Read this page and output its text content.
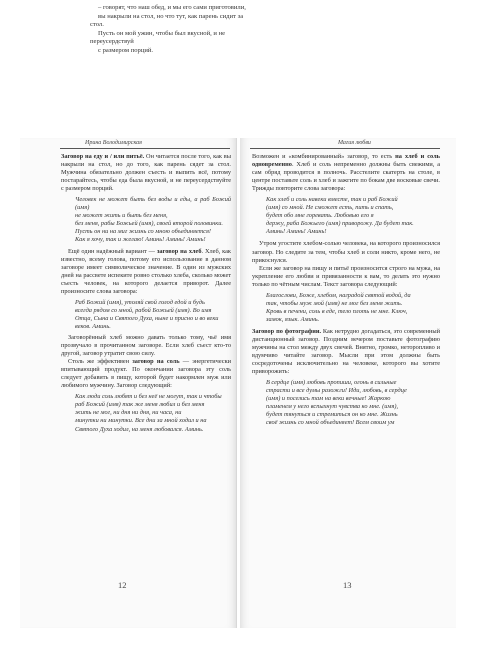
– говорят, что наш обед, и мы его сами приготовили,

вы накрыли на стол, но что тут, как парень сидит за стол.

Пусть он мой ужин, чтобы был вкусной, и не переусердствуй

с размером порций.

Ирина Володимирская	Магия любви

Заговор на еду и / или питьё. Он читается после того, как вы накрыли на стол, но до того, как парень сядет за стол. Мужчина обязательно должен съесть и выпить всё, потому постарайтесь, чтобы еда была вкусной, и не переусердствуйте с размером порций.

Человек не может быть без воды и еды, а раб Божий (имя)
не может жить и быть без меня,
без меня, рабы Божьей (имя), своей второй половинки.
Пусть он ни на миг жизнь со мною объединяется!
Как я хочу, так и желаю! Аминь! Аминь! Аминь!

Ещё один надёжный вариант — заговор на хлеб. Хлеб, как известно, всему голова, потому его использование в данном заговоре имеет символическое значение. В один из мужских дней на рассвете испеките ровно столько хлеба, сколько может съесть человек, на которого делается приворот. Далее произносите слова заговора:

Раб Божий (имя), утоляй свой голод едой и будь
всегда рядом со мной, рабой Божьей (имя). Во имя
Отца, Сына и Святого Духа, ныне и присно и во веки
веков. Аминь.

Заговорённый хлеб можно давать только тому, чьё имя прозвучало в прочитанном заговоре. Если хлеб съест кто-то другой, заговор утратит свою силу.

Столь же эффективен заговор на соль — энергетически впитывающий продукт. По окончании заговора эту соль следует добавить в пищу, которой будет накормлен муж или любимого мужчину. Заговор следующий:

Как люди соль любят и без неё не могут, так и чтобы
раб Божий (имя) так же меня любил и без меня
жить не мог, ни дня ни дня, ни часа, ни
минутки ни минутки. Все дни за мной ходил и на
Святого Духа ходил, на меня любовался. Аминь.

Возможен и «комбинированный» заговор, то есть на хлеб и соль одновременно. Хлеб и соль непременно должны быть свежими, а сам обряд проводится в полночь. Расстелите скатерть на столе, в центре поставьте соль и хлеб и зажгите по бокам две восковые свечи. Трижды повторите слова заговора:

Как хлеб и соль навеки вместе, так и раб Божий
(имя) со мной. Не сможет есть, пить и спать,
будет обо мне горевать. Любовью его я
держу, раба Божьего (имя) приворожу. Да будет так.
Аминь! Аминь! Аминь!

Утром угостите хлебом-солью человека, на которого произносился заговор. Но следите за тем, чтобы хлеб и соли никто, кроме него, не прикоснулся.

Если же заговор на пищу и питьё произносится строго на мужа, на укрепление его любви и привязанности к вам, то делать это нужно только по чётным числам. Текст заговора следующий:

Благослови, Боже, хлебом, наградой святой водой, да
так, чтобы муж мой (имя) не мог без меня жить.
Кровь в печени, соль в еде, тело плоть не мне. Ключ,
замок, язык. Аминь.

Заговор по фотографии. Как нетрудно догадаться, это современный дистанционный заговор. Поздним вечером поставьте фотографию мужчины на стол между двух свечей. Внятно, громко, неторопливо и вдумчиво читайте заговор. Мысли при этом должны быть сосредоточены исключительно на человеке, которого вы хотите приворожить:

В сердце (имя) любовь пропиши, огонь в сильные
страсти и все думы разожги! Иди, любовь, в сердце
(имя) и поселись там на веки вечные! Жаркою
пламенем у него вспыхнут чувства ко мне. (имя),
будет тянуться и стремиться он ко мне. Жизнь
своё жизнь со мной объединяет! Всем своим ум
12	13
